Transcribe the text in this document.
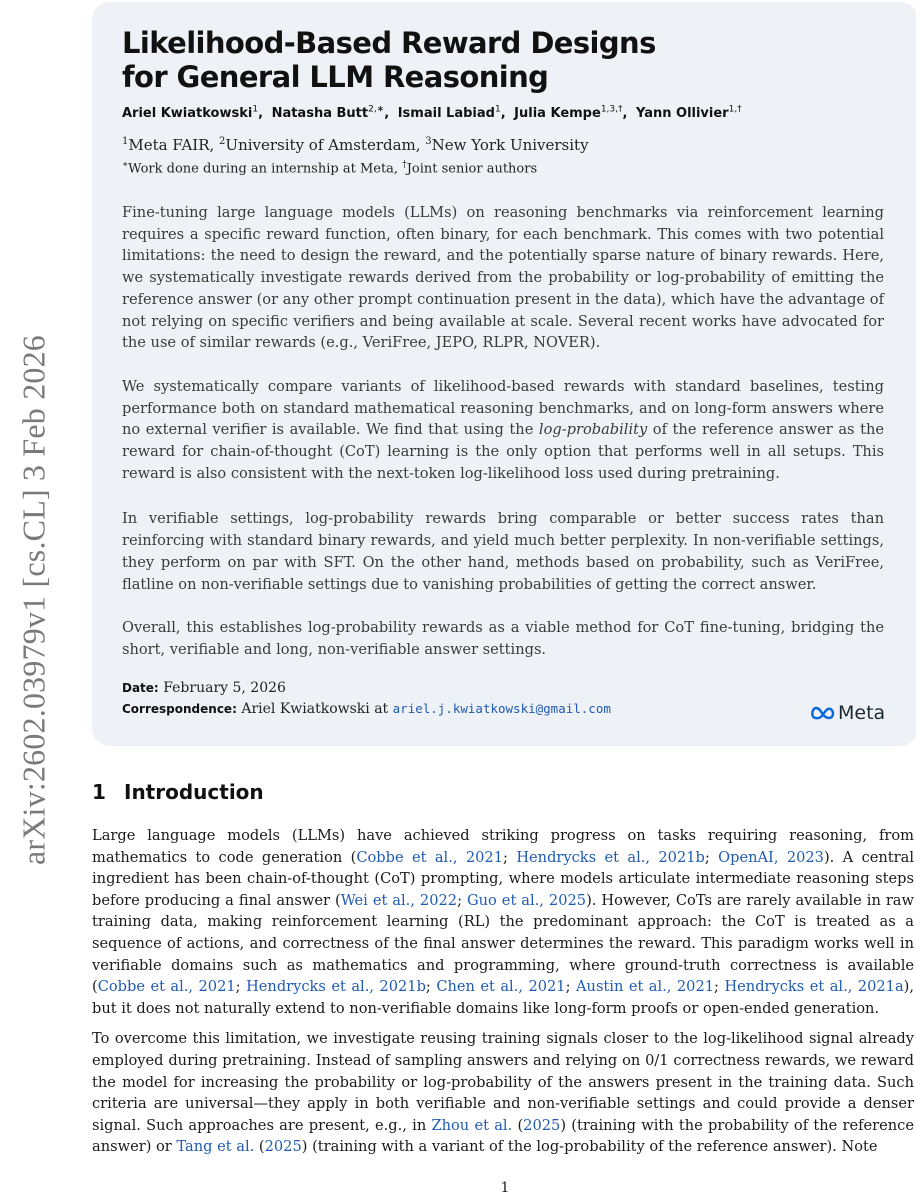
arXiv:2602.03979v1 [cs.CL] 3 Feb 2026
Likelihood-Based Reward Designs
for General LLM Reasoning
Ariel Kwiatkowski$^1$, Natasha Butt$^{2,∗}$, Ismail Labiad$^1$, Julia Kempe$^{1,3,\dagger}$, Yann Ollivier$^{1,\dagger}$
$^1$Meta FAIR, $^2$University of Amsterdam, $^3$New York University
∗Work done during an internship at Meta, †Joint senior authors

Fine-tuning large language models (LLMs) on reasoning benchmarks via reinforcement learning requires a specific reward function, often binary, for each benchmark. This comes with two potential limitations: the need to design the reward, and the potentially sparse nature of binary rewards. Here, we systematically investigate rewards derived from the probability or log-probability of emitting the reference answer (or any other prompt continuation present in the data), which have the advantage of not relying on specific verifiers and being available at scale. Several recent works have advocated for the use of similar rewards (e.g., VeriFree, JEPO, RLPR, NOVER).

We systematically compare variants of likelihood-based rewards with standard baselines, testing performance both on standard mathematical reasoning benchmarks, and on long-form answers where no external verifier is available. We find that using the log-probability of the reference answer as the reward for chain-of-thought (CoT) learning is the only option that performs well in all setups. This reward is also consistent with the next-token log-likelihood loss used during pretraining.

In verifiable settings, log-probability rewards bring comparable or better success rates than reinforcing with standard binary rewards, and yield much better perplexity. In non-verifiable settings, they perform on par with SFT. On the other hand, methods based on probability, such as VeriFree, flatline on non-verifiable settings due to vanishing probabilities of getting the correct answer.

Overall, this establishes log-probability rewards as a viable method for CoT fine-tuning, bridging the short, verifiable and long, non-verifiable answer settings.

Date: February 5, 2026
Correspondence: Ariel Kwiatkowski at ariel.j.kwiatkowski@gmail.com	Meta
1 Introduction

Large language models (LLMs) have achieved striking progress on tasks requiring reasoning, from mathematics to code generation (Cobbe et al., 2021; Hendrycks et al., 2021b; OpenAI, 2023). A central ingredient has been chain-of-thought (CoT) prompting, where models articulate intermediate reasoning steps before producing a final answer (Wei et al., 2022; Guo et al., 2025). However, CoTs are rarely available in raw training data, making reinforcement learning (RL) the predominant approach: the CoT is treated as a sequence of actions, and correctness of the final answer determines the reward. This paradigm works well in verifiable domains such as mathematics and programming, where ground-truth correctness is available (Cobbe et al., 2021; Hendrycks et al., 2021b; Chen et al., 2021; Austin et al., 2021; Hendrycks et al., 2021a), but it does not naturally extend to non-verifiable domains like long-form proofs or open-ended generation.

To overcome this limitation, we investigate reusing training signals closer to the log-likelihood signal already employed during pretraining. Instead of sampling answers and relying on 0/1 correctness rewards, we reward the model for increasing the probability or log-probability of the answers present in the training data. Such criteria are universal—they apply in both verifiable and non-verifiable settings and could provide a denser signal. Such approaches are present, e.g., in Zhou et al. (2025) (training with the probability of the reference answer) or Tang et al. (2025) (training with a variant of the log-probability of the reference answer). Note

1
